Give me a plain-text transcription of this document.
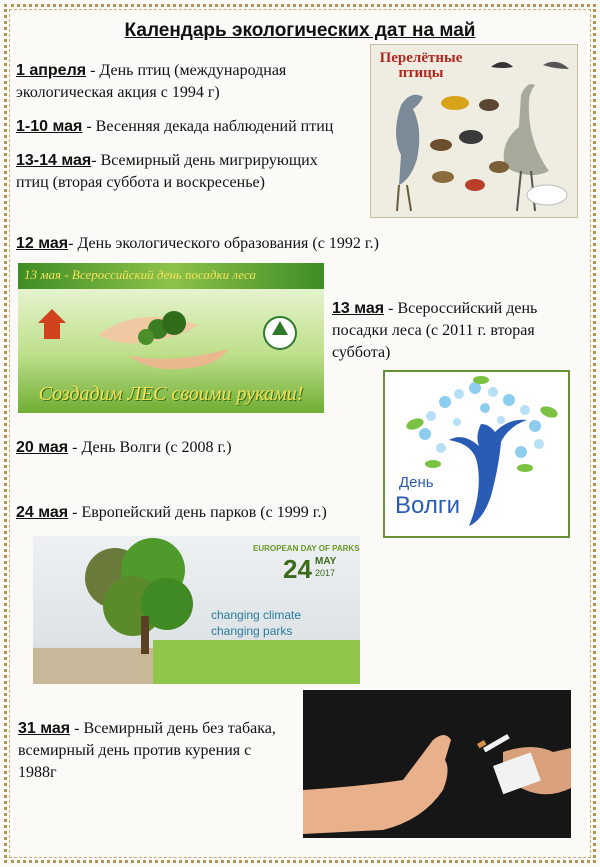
Календарь экологических дат на май
1 апреля - День птиц (международная экологическая акция с 1994 г)
1-10 мая - Весенняя декада наблюдений птиц
13-14 мая- Всемирный день мигрирующих птиц (вторая суббота и воскресенье)
12 мая- День экологического образования (с 1992 г.)
13 мая - Всероссийский день посадки леса (с 2011 г. вторая суббота)
20 мая - День Волги (с 2008 г.)
24 мая - Европейский день парков (с 1999 г.)
31 мая - Всемирный день без табака, всемирный день против курения с 1988г
Перелётные птицы
13 мая - Всероссийский день посадки леса
Создадим ЛЕС своими руками!
День
Волги
EUROPEAN DAY OF PARKS
24 MAY
2017
changing climate
changing parks
